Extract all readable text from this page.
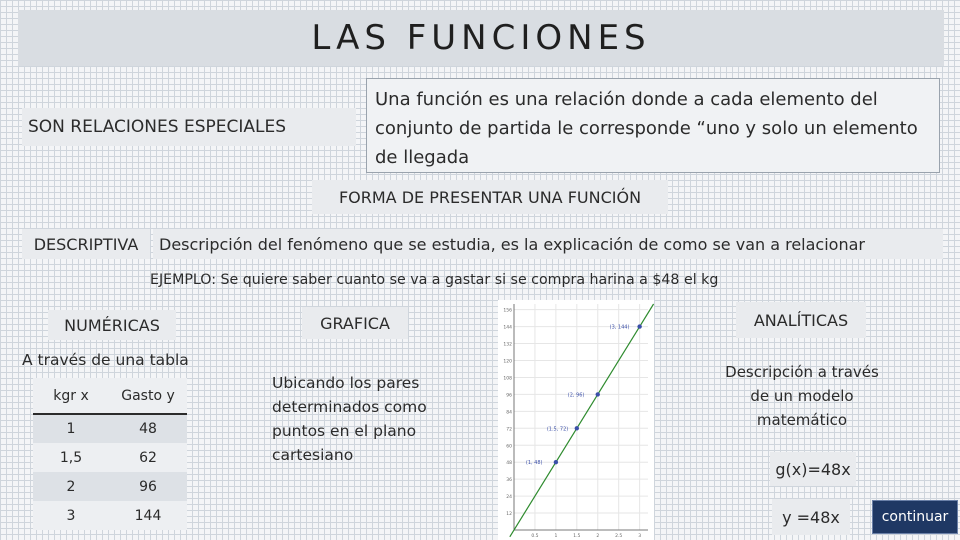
LAS FUNCIONES
SON RELACIONES ESPECIALES
Una función es una relación donde a cada elemento del conjunto de partida le corresponde “uno y solo un elemento de llegada
FORMA DE PRESENTAR UNA FUNCIÓN
DESCRIPTIVA	Descripción del fenómeno que se estudia, es la explicación de como se van a relacionar
EJEMPLO: Se quiere saber cuanto se va a gastar si se compra harina a $48 el kg
NUMÉRICAS
A través de una tabla
kgr x	Gasto y
1	48
1,5	62
2	96
3	144
GRAFICA
Ubicando los pares determinados como puntos en el plano cartesiano
12
24
36
48
60
72
84
96
108
120
132
144
156
0.5	1	1.5	2	2.5	3
(1, 48)
(1.5, 72)
(2, 96)
(3, 144)	ANALÍTICAS
Descripción a través de un modelo matemático
g(x)=48x
y =48x	continuar
